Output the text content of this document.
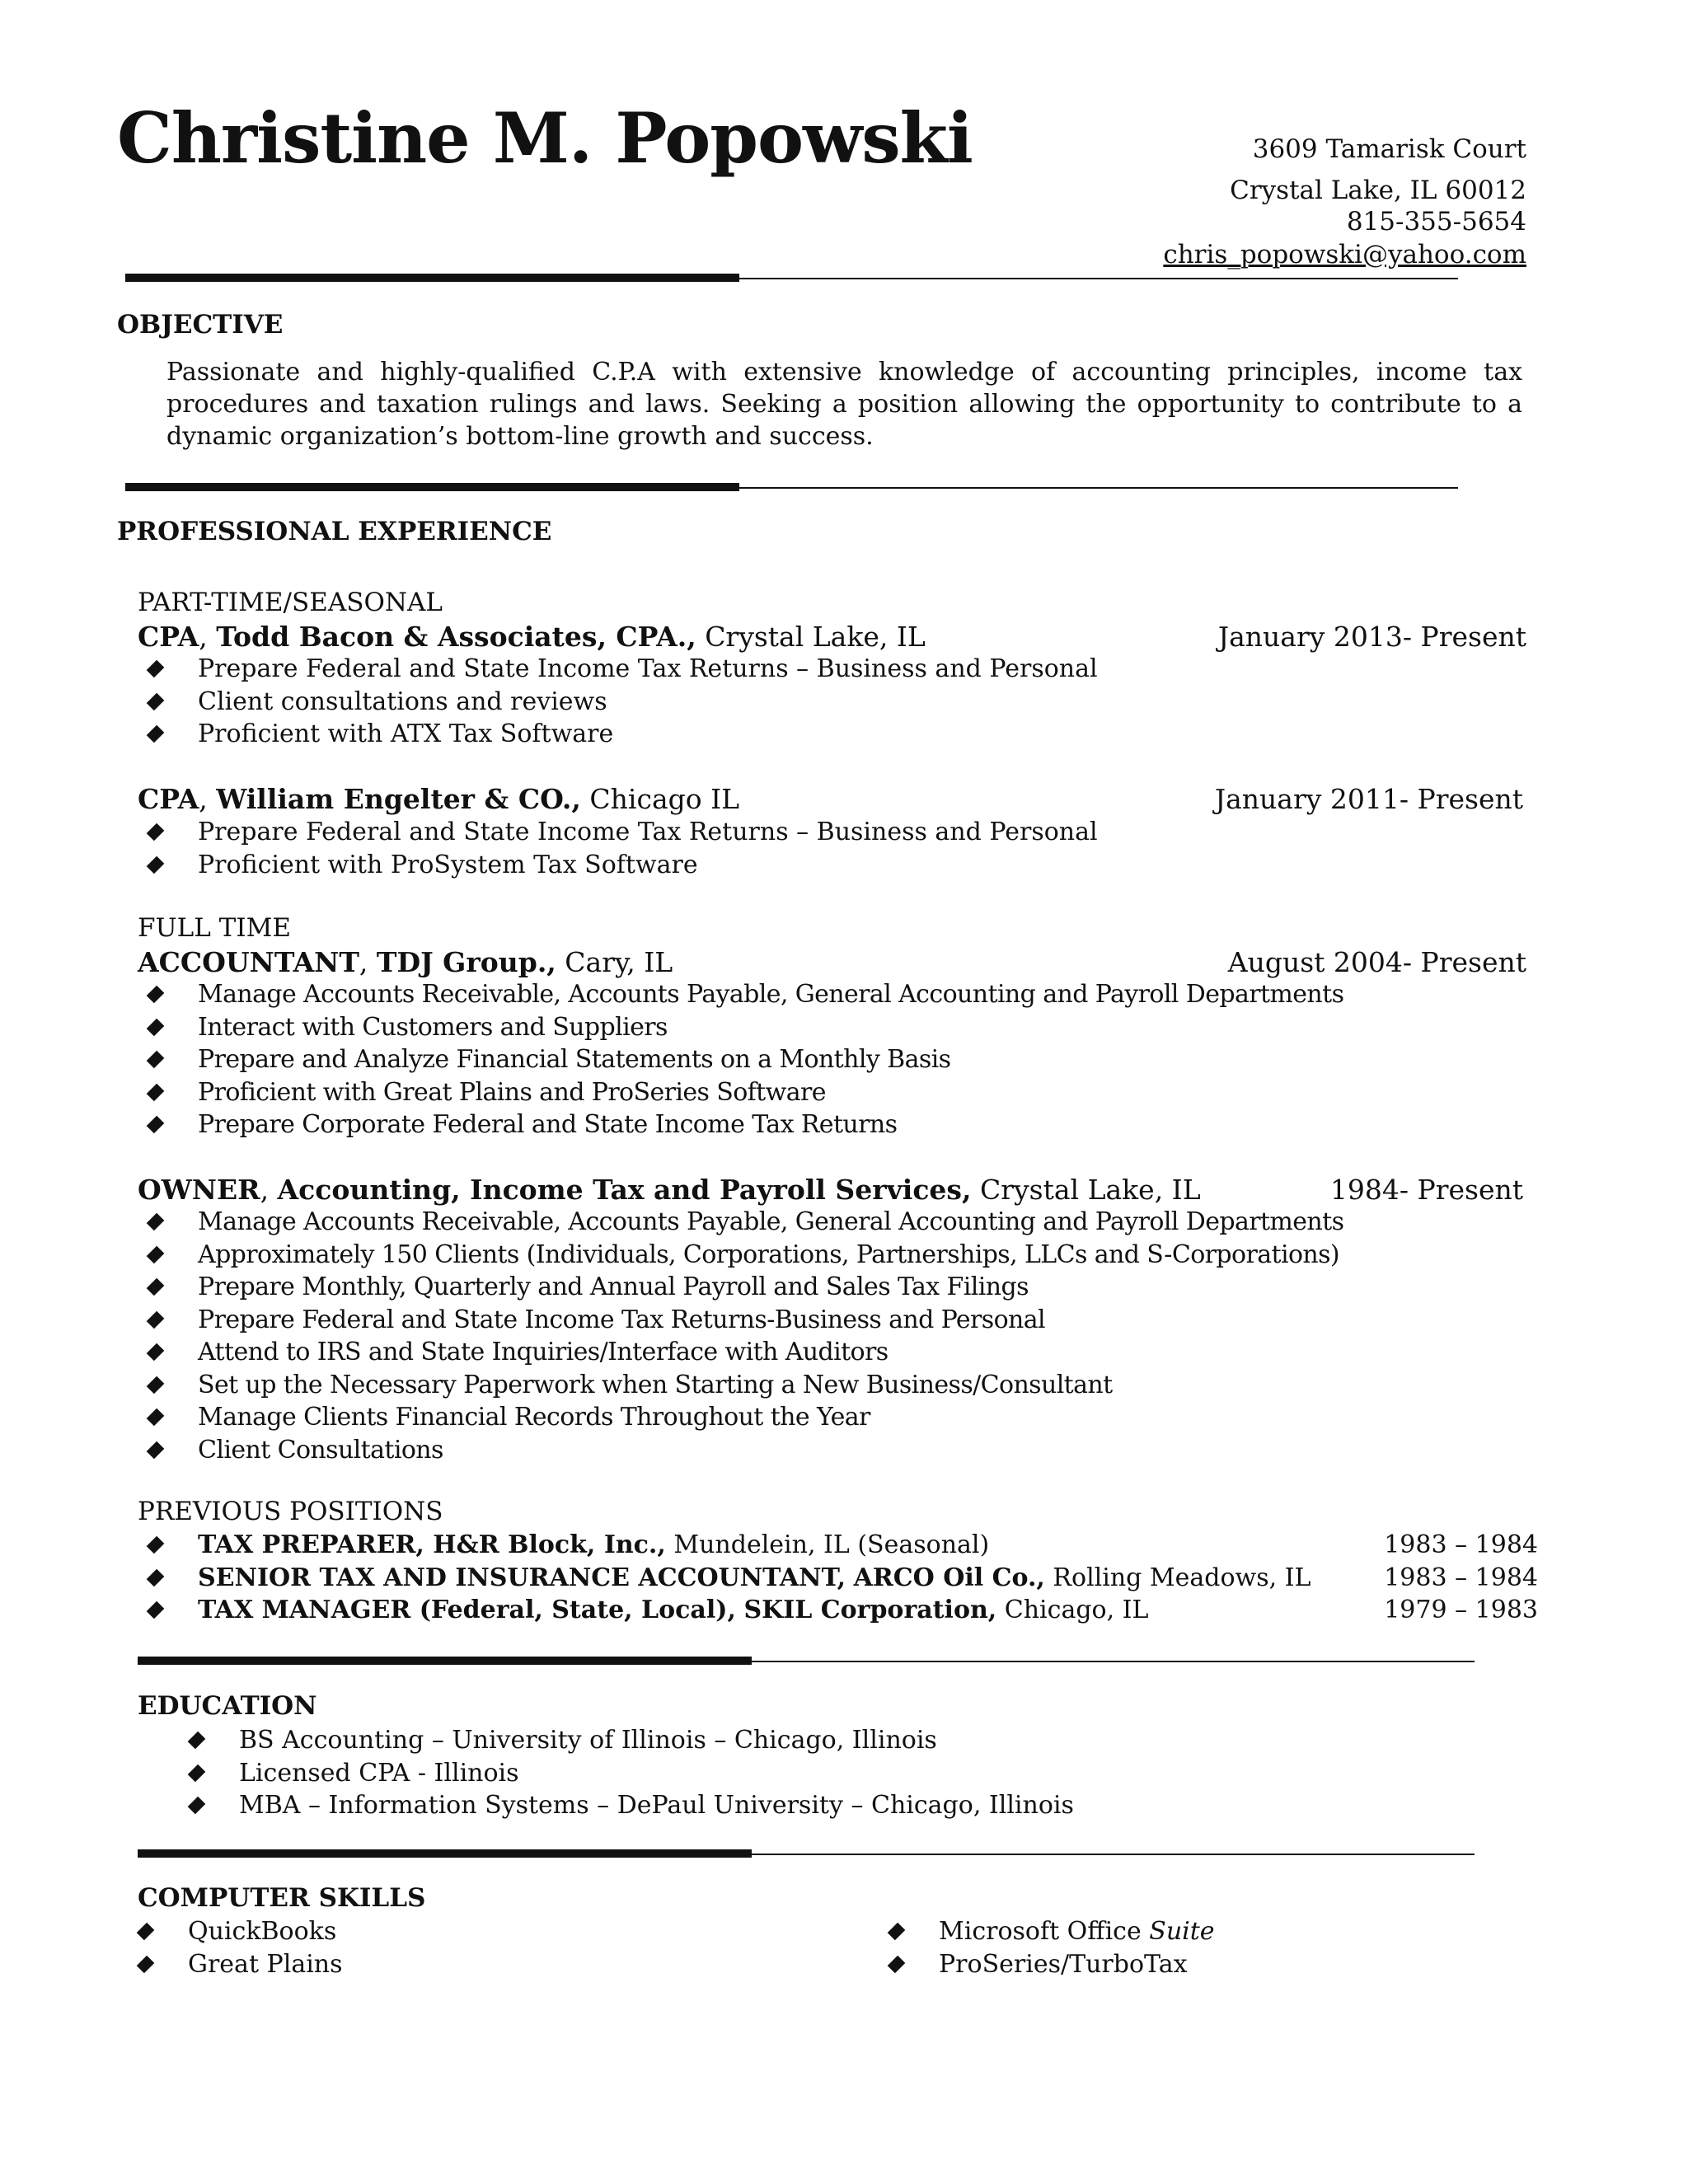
Christine M. Popowski	3609 Tamarisk Court
Crystal Lake, IL 60012
815-355-5654
chris_popowski@yahoo.com
OBJECTIVE
Passionate and highly-qualified C.P.A with extensive knowledge of accounting principles, income tax procedures and taxation rulings and laws. Seeking a position allowing the opportunity to contribute to a dynamic organization’s bottom-line growth and success.
PROFESSIONAL EXPERIENCE
PART-TIME/SEASONAL
CPA, Todd Bacon & Associates, CPA., Crystal Lake, IL	January 2013- Present
Prepare Federal and State Income Tax Returns – Business and Personal
Client consultations and reviews
Proficient with ATX Tax Software
CPA, William Engelter & CO., Chicago IL	January 2011- Present
Prepare Federal and State Income Tax Returns – Business and Personal
Proficient with ProSystem Tax Software
FULL TIME
ACCOUNTANT, TDJ Group., Cary, IL	August 2004- Present
Manage Accounts Receivable, Accounts Payable, General Accounting and Payroll Departments
Interact with Customers and Suppliers
Prepare and Analyze Financial Statements on a Monthly Basis
Proficient with Great Plains and ProSeries Software
Prepare Corporate Federal and State Income Tax Returns
OWNER, Accounting, Income Tax and Payroll Services, Crystal Lake, IL	1984- Present
Manage Accounts Receivable, Accounts Payable, General Accounting and Payroll Departments
Approximately 150 Clients (Individuals, Corporations, Partnerships, LLCs and S-Corporations)
Prepare Monthly, Quarterly and Annual Payroll and Sales Tax Filings
Prepare Federal and State Income Tax Returns-Business and Personal
Attend to IRS and State Inquiries/Interface with Auditors
Set up the Necessary Paperwork when Starting a New Business/Consultant
Manage Clients Financial Records Throughout the Year
Client Consultations
PREVIOUS POSITIONS
TAX PREPARER, H&R Block, Inc., Mundelein, IL (Seasonal)	1983 – 1984
SENIOR TAX AND INSURANCE ACCOUNTANT, ARCO Oil Co., Rolling Meadows, IL	1983 – 1984
TAX MANAGER (Federal, State, Local), SKIL Corporation, Chicago, IL	1979 – 1983
EDUCATION
BS Accounting – University of Illinois – Chicago, Illinois
Licensed CPA - Illinois
MBA – Information Systems – DePaul University – Chicago, Illinois
COMPUTER SKILLS
QuickBooks
Great Plains
Microsoft Office Suite
ProSeries/TurboTax
